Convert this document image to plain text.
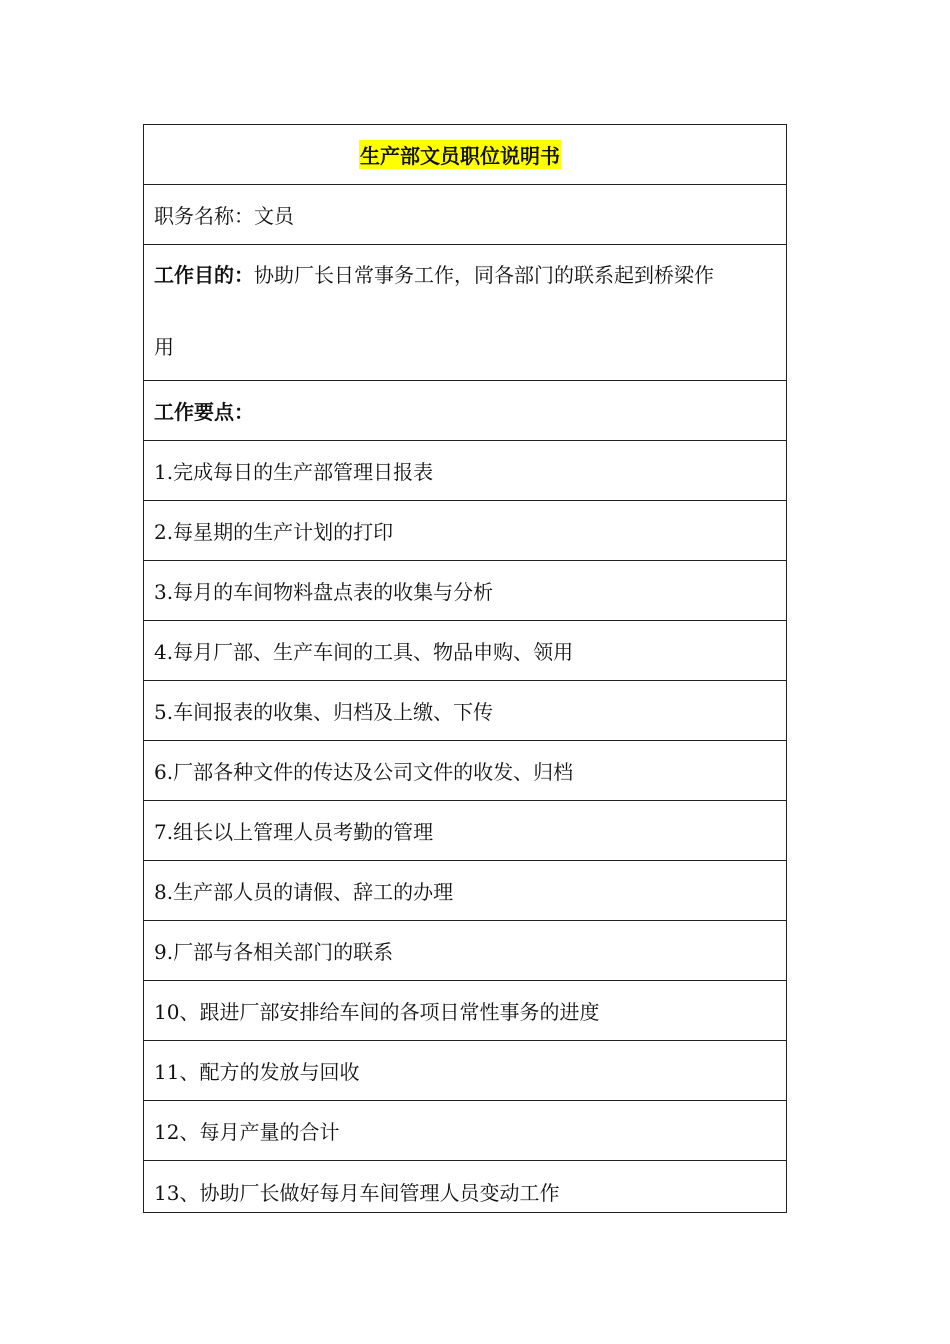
生产部文员职位说明书
职务名称： 文员
工作目的：协助厂长日常事务工作，同各部门的联系起到桥梁作
用
工作要点：
1.完成每日的生产部管理日报表
2.每星期的生产计划的打印
3.每月的车间物料盘点表的收集与分析
4.每月厂部、生产车间的工具、物品申购、领用
5.车间报表的收集、归档及上缴、下传
6.厂部各种文件的传达及公司文件的收发、归档
7.组长以上管理人员考勤的管理
8.生产部人员的请假、辞工的办理
9.厂部与各相关部门的联系
10、跟进厂部安排给车间的各项日常性事务的进度
11、配方的发放与回收
12、每月产量的合计
13、协助厂长做好每月车间管理人员变动工作
